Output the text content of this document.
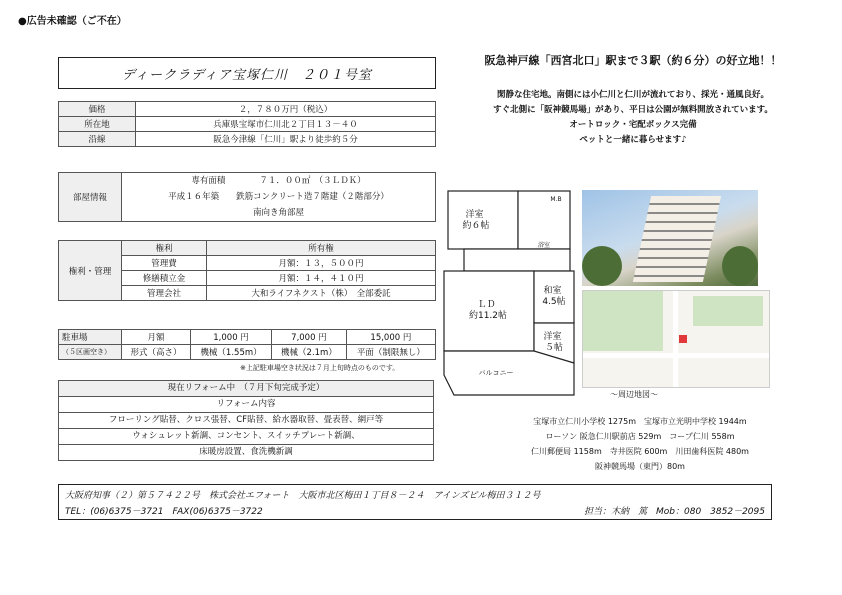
●広告未確認（ご不在）
ディークラディア宝塚仁川　２０１号室
価格	２，７８０万円（税込）
所在地	兵庫県宝塚市仁川北２丁目１３－４０
沿線	阪急今津線「仁川」駅より徒歩約５分
部屋情報	
専有面積　　　　７１．００㎡　（３ＬＤＫ）
平成１６年築　　鉄筋コンクリート造７階建（２階部分）
南向き角部屋
権利・管理	権利	所有権
	管理費	月額：１３，５００円
	修繕積立金	月額：１４，４１０円
	管理会社	大和ライフネクスト（株）　全部委託
駐車場	月額	1,000 円	7,000 円	15,000 円
（５区画空き）	形式（高さ）	機械（1.55m）	機械（2.1m）	平面（制限無し）
※上記駐車場空き状況は７月上旬時点のものです。
現在リフォーム中　（７月下旬完成予定）
リフォーム内容
フローリング貼替、クロス張替、CF貼替、給水器取替、畳表替、網戸等
ウォシュレット新調、コンセント、スイッチプレート新調、
床暖房設置、食洗機新調
阪急神戸線「西宮北口」駅まで３駅（約６分）の好立地！！
閑静な住宅地。南側には小仁川と仁川が流れており、採光・通風良好。
すぐ北側に「阪神競馬場」があり、平日は公園が無料開放されています。
オートロック・宅配ボックス完備
ペットと一緒に暮らせます♪
洋室 約６帖
和室 4.5帖
ＬＤ 約11.2帖
洋室 ５帖
バルコニー
浴室
M.B
～周辺地図～
宝塚市立仁川小学校 1275m　宝塚市立光明中学校 1944m
ローソン 阪急仁川駅前店 529m　コープ仁川 558m
仁川郵便局 1158m　寺井医院 600m　川田歯科医院 480m
阪神競馬場（東門）80m
大阪府知事（２）第５７４２２号　株式会社エフォート　大阪市北区梅田１丁目８－２４　アインズビル梅田３１２号
TEL：(06)6375－3721　FAX(06)6375－3722	担当：木納　篤　Mob：080　3852－2095
